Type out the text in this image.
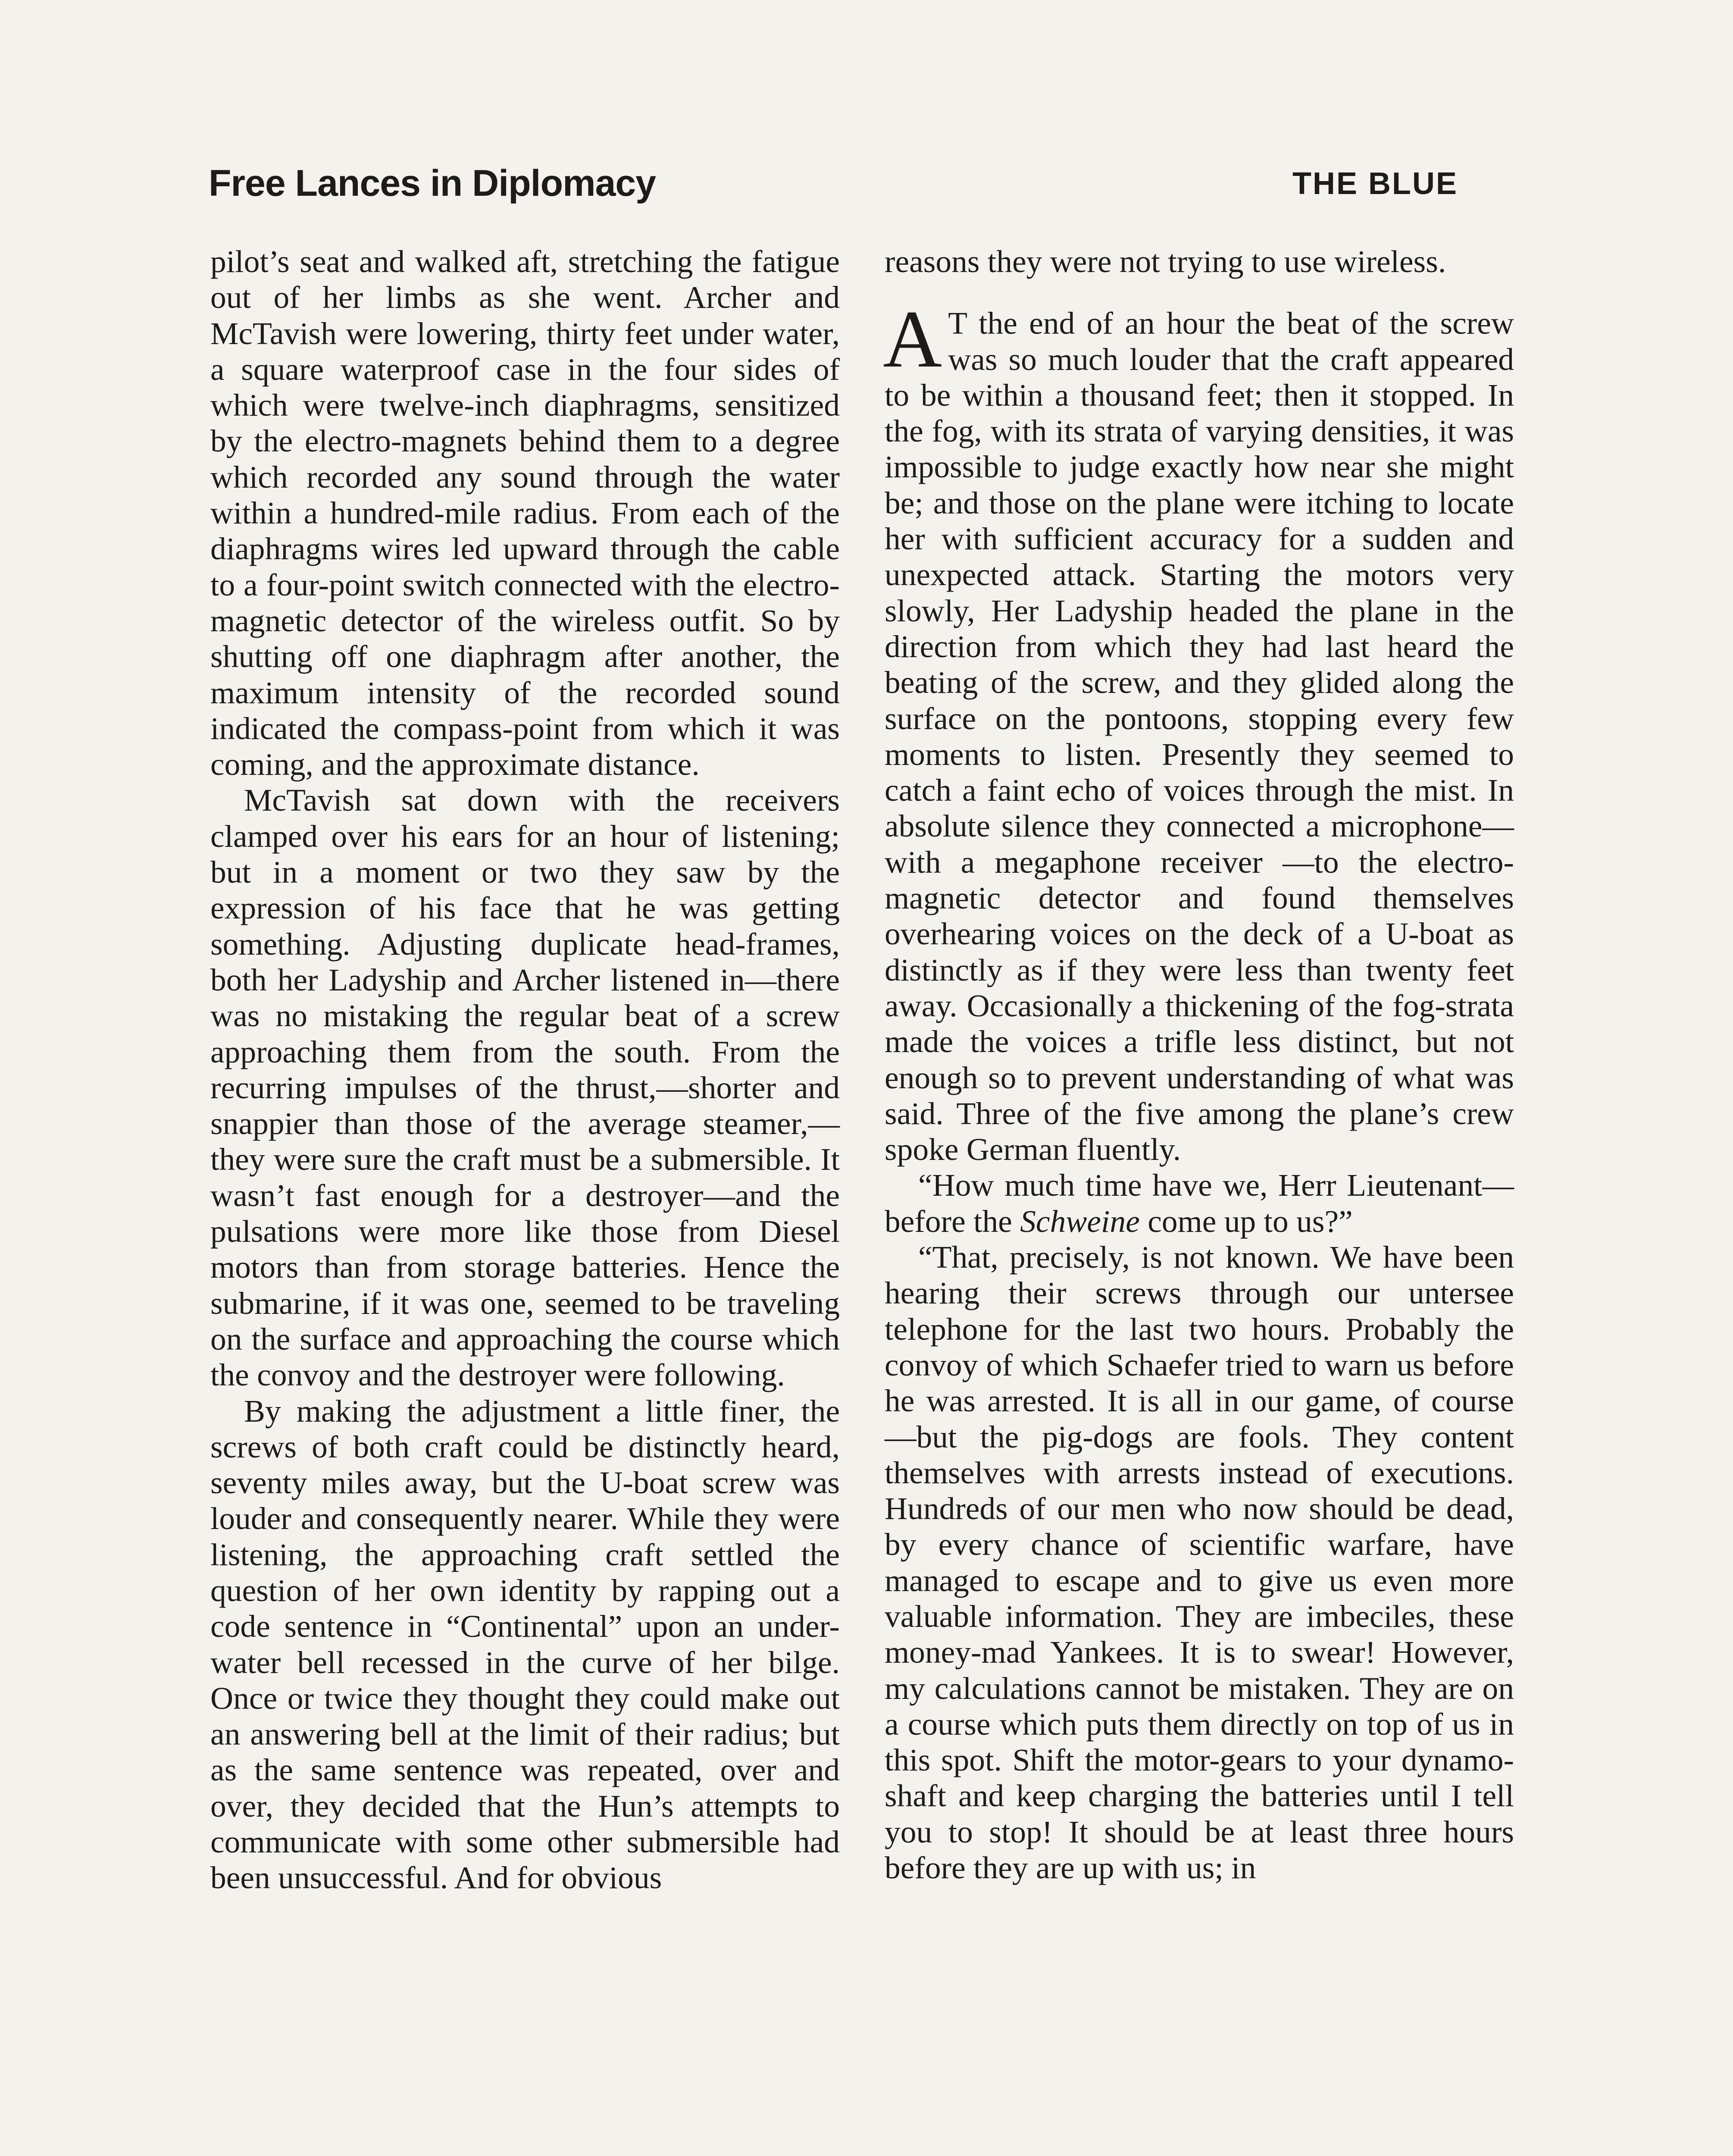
Free Lances in Diplomacy	THE BLUE

pilot’s seat and walked aft, stretching the fatigue out of her limbs as she went. Archer and McTavish were lowering, thirty feet under water, a square waterproof case in the four sides of which were twelve-inch diaphragms, sensitized by the electro-magnets behind them to a degree which recorded any sound through the water within a hundred-mile radius. From each of the diaphragms wires led upward through the cable to a four-point switch connected with the electro-magnetic detector of the wireless outfit. So by shutting off one diaphragm after another, the maximum intensity of the recorded sound indicated the compass-point from which it was coming, and the approximate distance.

McTavish sat down with the receivers clamped over his ears for an hour of listening; but in a moment or two they saw by the expression of his face that he was getting something. Adjusting duplicate head-frames, both her Ladyship and Archer listened in—there was no mistaking the regular beat of a screw approaching them from the south. From the recurring impulses of the thrust,—shorter and snappier than those of the average steamer,—they were sure the craft must be a submersible. It wasn’t fast enough for a destroyer—and the pulsations were more like those from Diesel motors than from storage batteries. Hence the submarine, if it was one, seemed to be traveling on the surface and approaching the course which the convoy and the destroyer were following.

By making the adjustment a little finer, the screws of both craft could be distinctly heard, seventy miles away, but the U-boat screw was louder and consequently nearer. While they were listening, the approaching craft settled the question of her own identity by rapping out a code sentence in “Continental” upon an under-water bell recessed in the curve of her bilge. Once or twice they thought they could make out an answering bell at the limit of their radius; but as the same sentence was repeated, over and over, they decided that the Hun’s attempts to communicate with some other submersible had been unsuccessful. And for obvious

reasons they were not trying to use wireless.

A T the end of an hour the beat of the screw was so much louder that the craft appeared to be within a thousand feet; then it stopped. In the fog, with its strata of varying densities, it was impossible to judge exactly how near she might be; and those on the plane were itching to locate her with sufficient accuracy for a sudden and unexpected attack. Starting the motors very slowly, Her Ladyship headed the plane in the direction from which they had last heard the beating of the screw, and they glided along the surface on the pontoons, stopping every few moments to listen. Presently they seemed to catch a faint echo of voices through the mist. In absolute silence they connected a microphone—with a megaphone receiver —to the electro-magnetic detector and found themselves overhearing voices on the deck of a U-boat as distinctly as if they were less than twenty feet away. Occasionally a thickening of the fog-strata made the voices a trifle less distinct, but not enough so to prevent understanding of what was said. Three of the five among the plane’s crew spoke German fluently.

“How much time have we, Herr Lieutenant—before the Schweine come up to us?”

“That, precisely, is not known. We have been hearing their screws through our untersee telephone for the last two hours. Probably the convoy of which Schaefer tried to warn us before he was arrested. It is all in our game, of course —but the pig-dogs are fools. They content themselves with arrests instead of executions. Hundreds of our men who now should be dead, by every chance of scientific warfare, have managed to escape and to give us even more valuable information. They are imbeciles, these money-mad Yankees. It is to swear! However, my calculations cannot be mistaken. They are on a course which puts them directly on top of us in this spot. Shift the motor-gears to your dynamo-shaft and keep charging the batteries until I tell you to stop! It should be at least three hours before they are up with us; in
